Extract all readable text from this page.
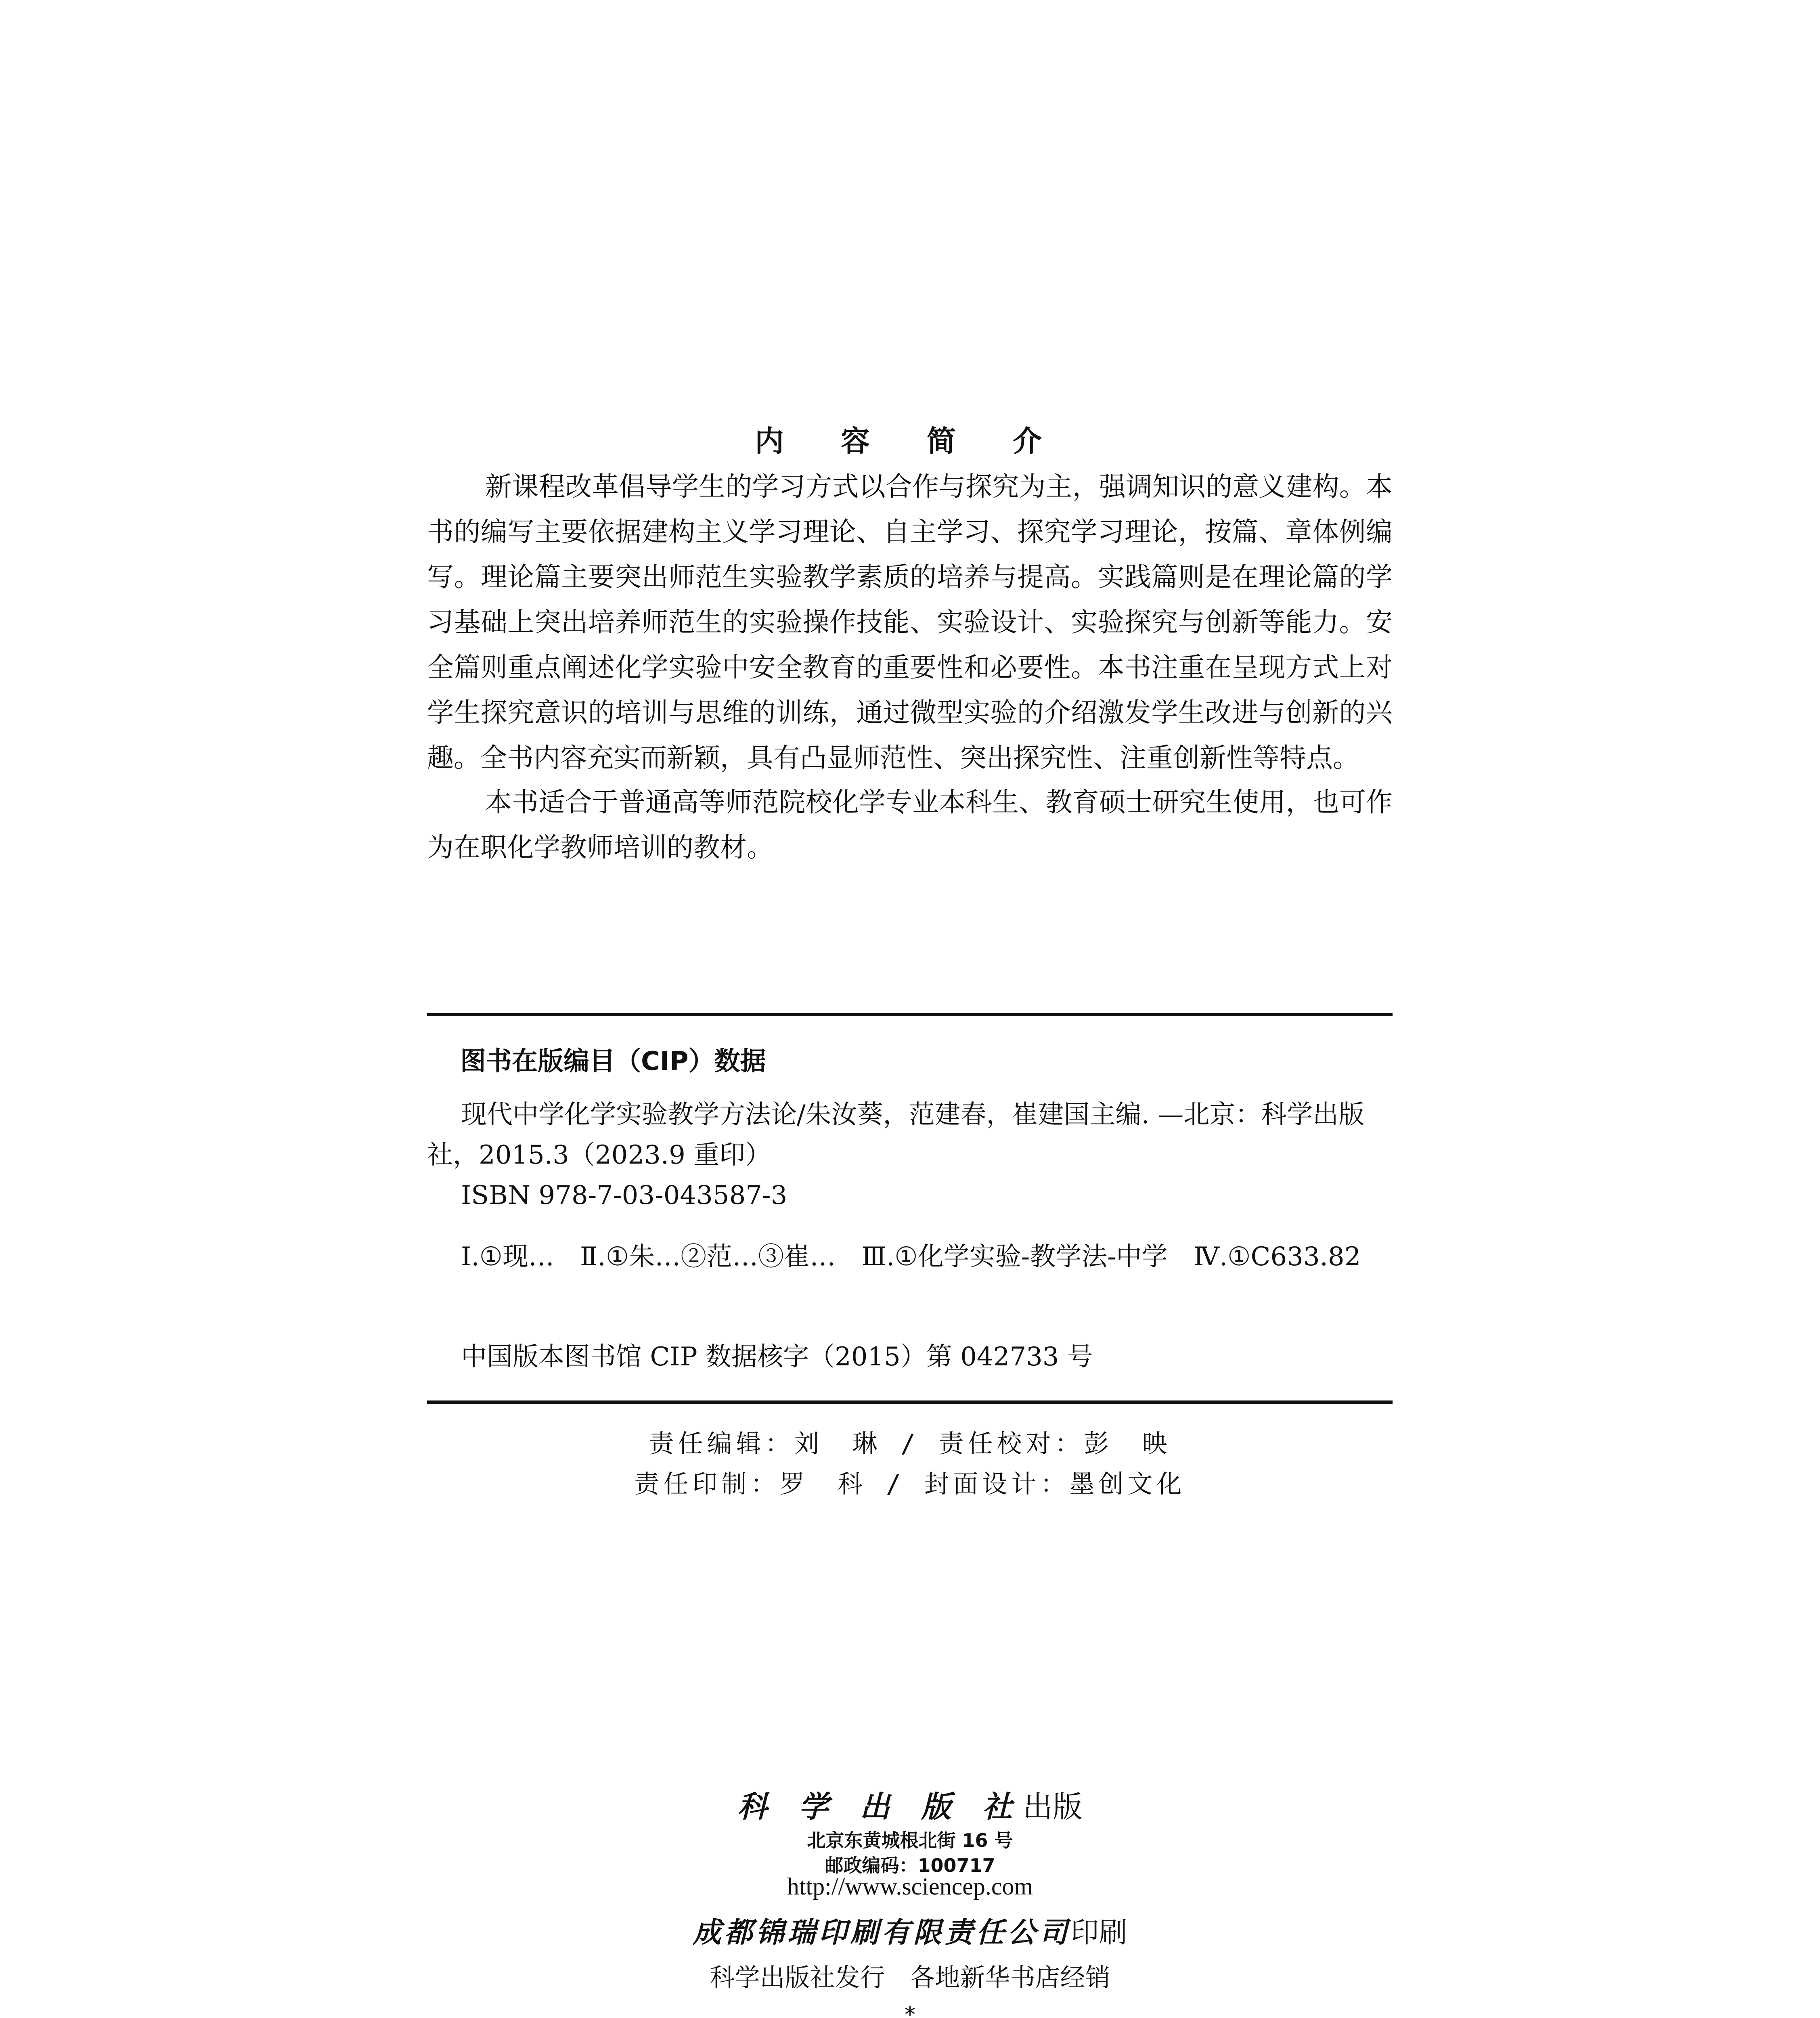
内 容 简 介

新课程改革倡导学生的学习方式以合作与探究为主，强调知识的意义建构。本书的编写主要依据建构主义学习理论、自主学习、探究学习理论，按篇、章体例编写。理论篇主要突出师范生实验教学素质的培养与提高。实践篇则是在理论篇的学习基础上突出培养师范生的实验操作技能、实验设计、实验探究与创新等能力。安全篇则重点阐述化学实验中安全教育的重要性和必要性。本书注重在呈现方式上对学生探究意识的培训与思维的训练，通过微型实验的介绍激发学生改进与创新的兴趣。全书内容充实而新颖，具有凸显师范性、突出探究性、注重创新性等特点。

本书适合于普通高等师范院校化学专业本科生、教育硕士研究生使用，也可作为在职化学教师培训的教材。

图书在版编目（CIP）数据

现代中学化学实验教学方法论/朱汝葵，范建春，崔建国主编. —北京：科学出版社，2015.3（2023.9 重印）

ISBN 978-7-03-043587-3

Ⅰ.①现…　Ⅱ.①朱…②范…③崔…　Ⅲ.①化学实验-教学法-中学　Ⅳ.①C633.82

中国版本图书馆 CIP 数据核字（2015）第 042733 号

责任编辑：刘　琳 / 责任校对：彭　映
责任印制：罗　科 / 封面设计：墨创文化
科 学 出 版 社出版
北京东黄城根北街 16 号
邮政编码：100717
http://www.sciencep.com
成都锦瑞印刷有限责任公司印刷
科学出版社发行　各地新华书店经销
*
